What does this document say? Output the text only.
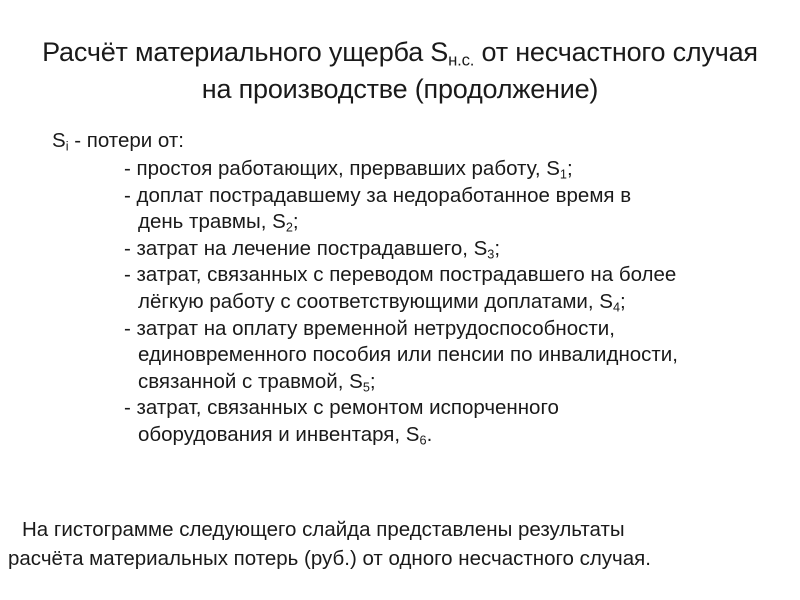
Расчёт материального ущерба $S_{н.с.}$ от несчастного случая
на производстве (продолжение)
$S_i$ - потери от:
- простоя работающих, прервавших работу, $S_1$;
- доплат пострадавшему за недоработанное время в
день травмы, $S_2$;
- затрат на лечение пострадавшего, $S_3$;
- затрат, связанных с переводом пострадавшего на более
лёгкую работу с соответствующими доплатами, $S_4$;
- затрат на оплату временной нетрудоспособности,
единовременного пособия или пенсии по инвалидности,
связанной с травмой, $S_5$;
- затрат, связанных с ремонтом испорченного
оборудования и инвентаря, $S_6$.
На гистограмме следующего слайда представлены результаты
расчёта материальных потерь (руб.) от одного несчастного случая.
